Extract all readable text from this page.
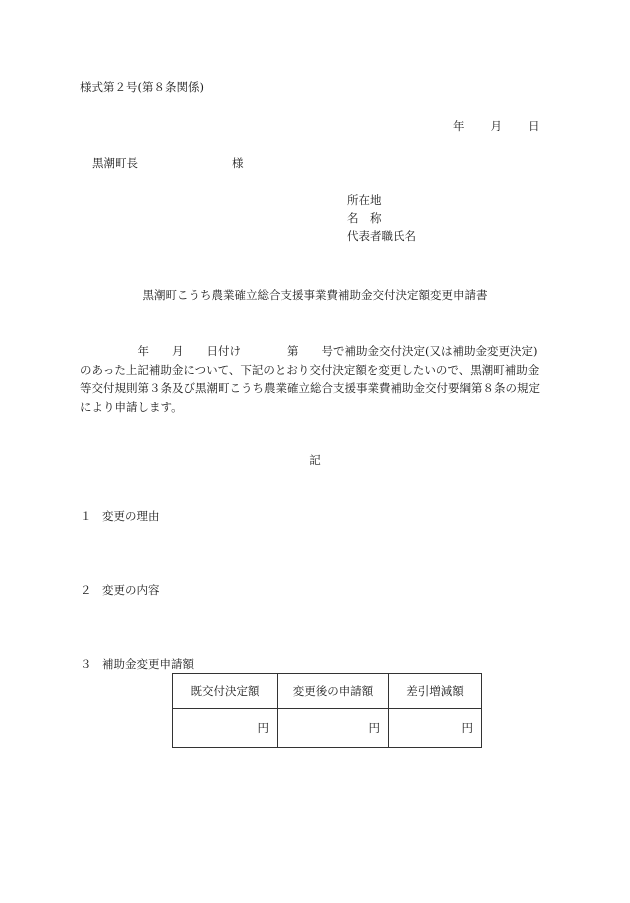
様式第２号(第８条関係)
年 月 日
黒潮町長	様
所在地
名　称
代表者職氏名
黒潮町こうち農業確立総合支援事業費補助金交付決定額変更申請書
　　　　　年　　月　　日付け　　　　第　　号で補助金交付決定(又は補助金変更決定)
のあった上記補助金について、下記のとおり交付決定額を変更したいので、黒潮町補助金
等交付規則第３条及び黒潮町こうち農業確立総合支援事業費補助金交付要綱第８条の規定
により申請します。
記
１ 変更の理由
２ 変更の内容
３ 補助金変更申請額
既交付決定額	変更後の申請額	差引増減額
円	円	円
